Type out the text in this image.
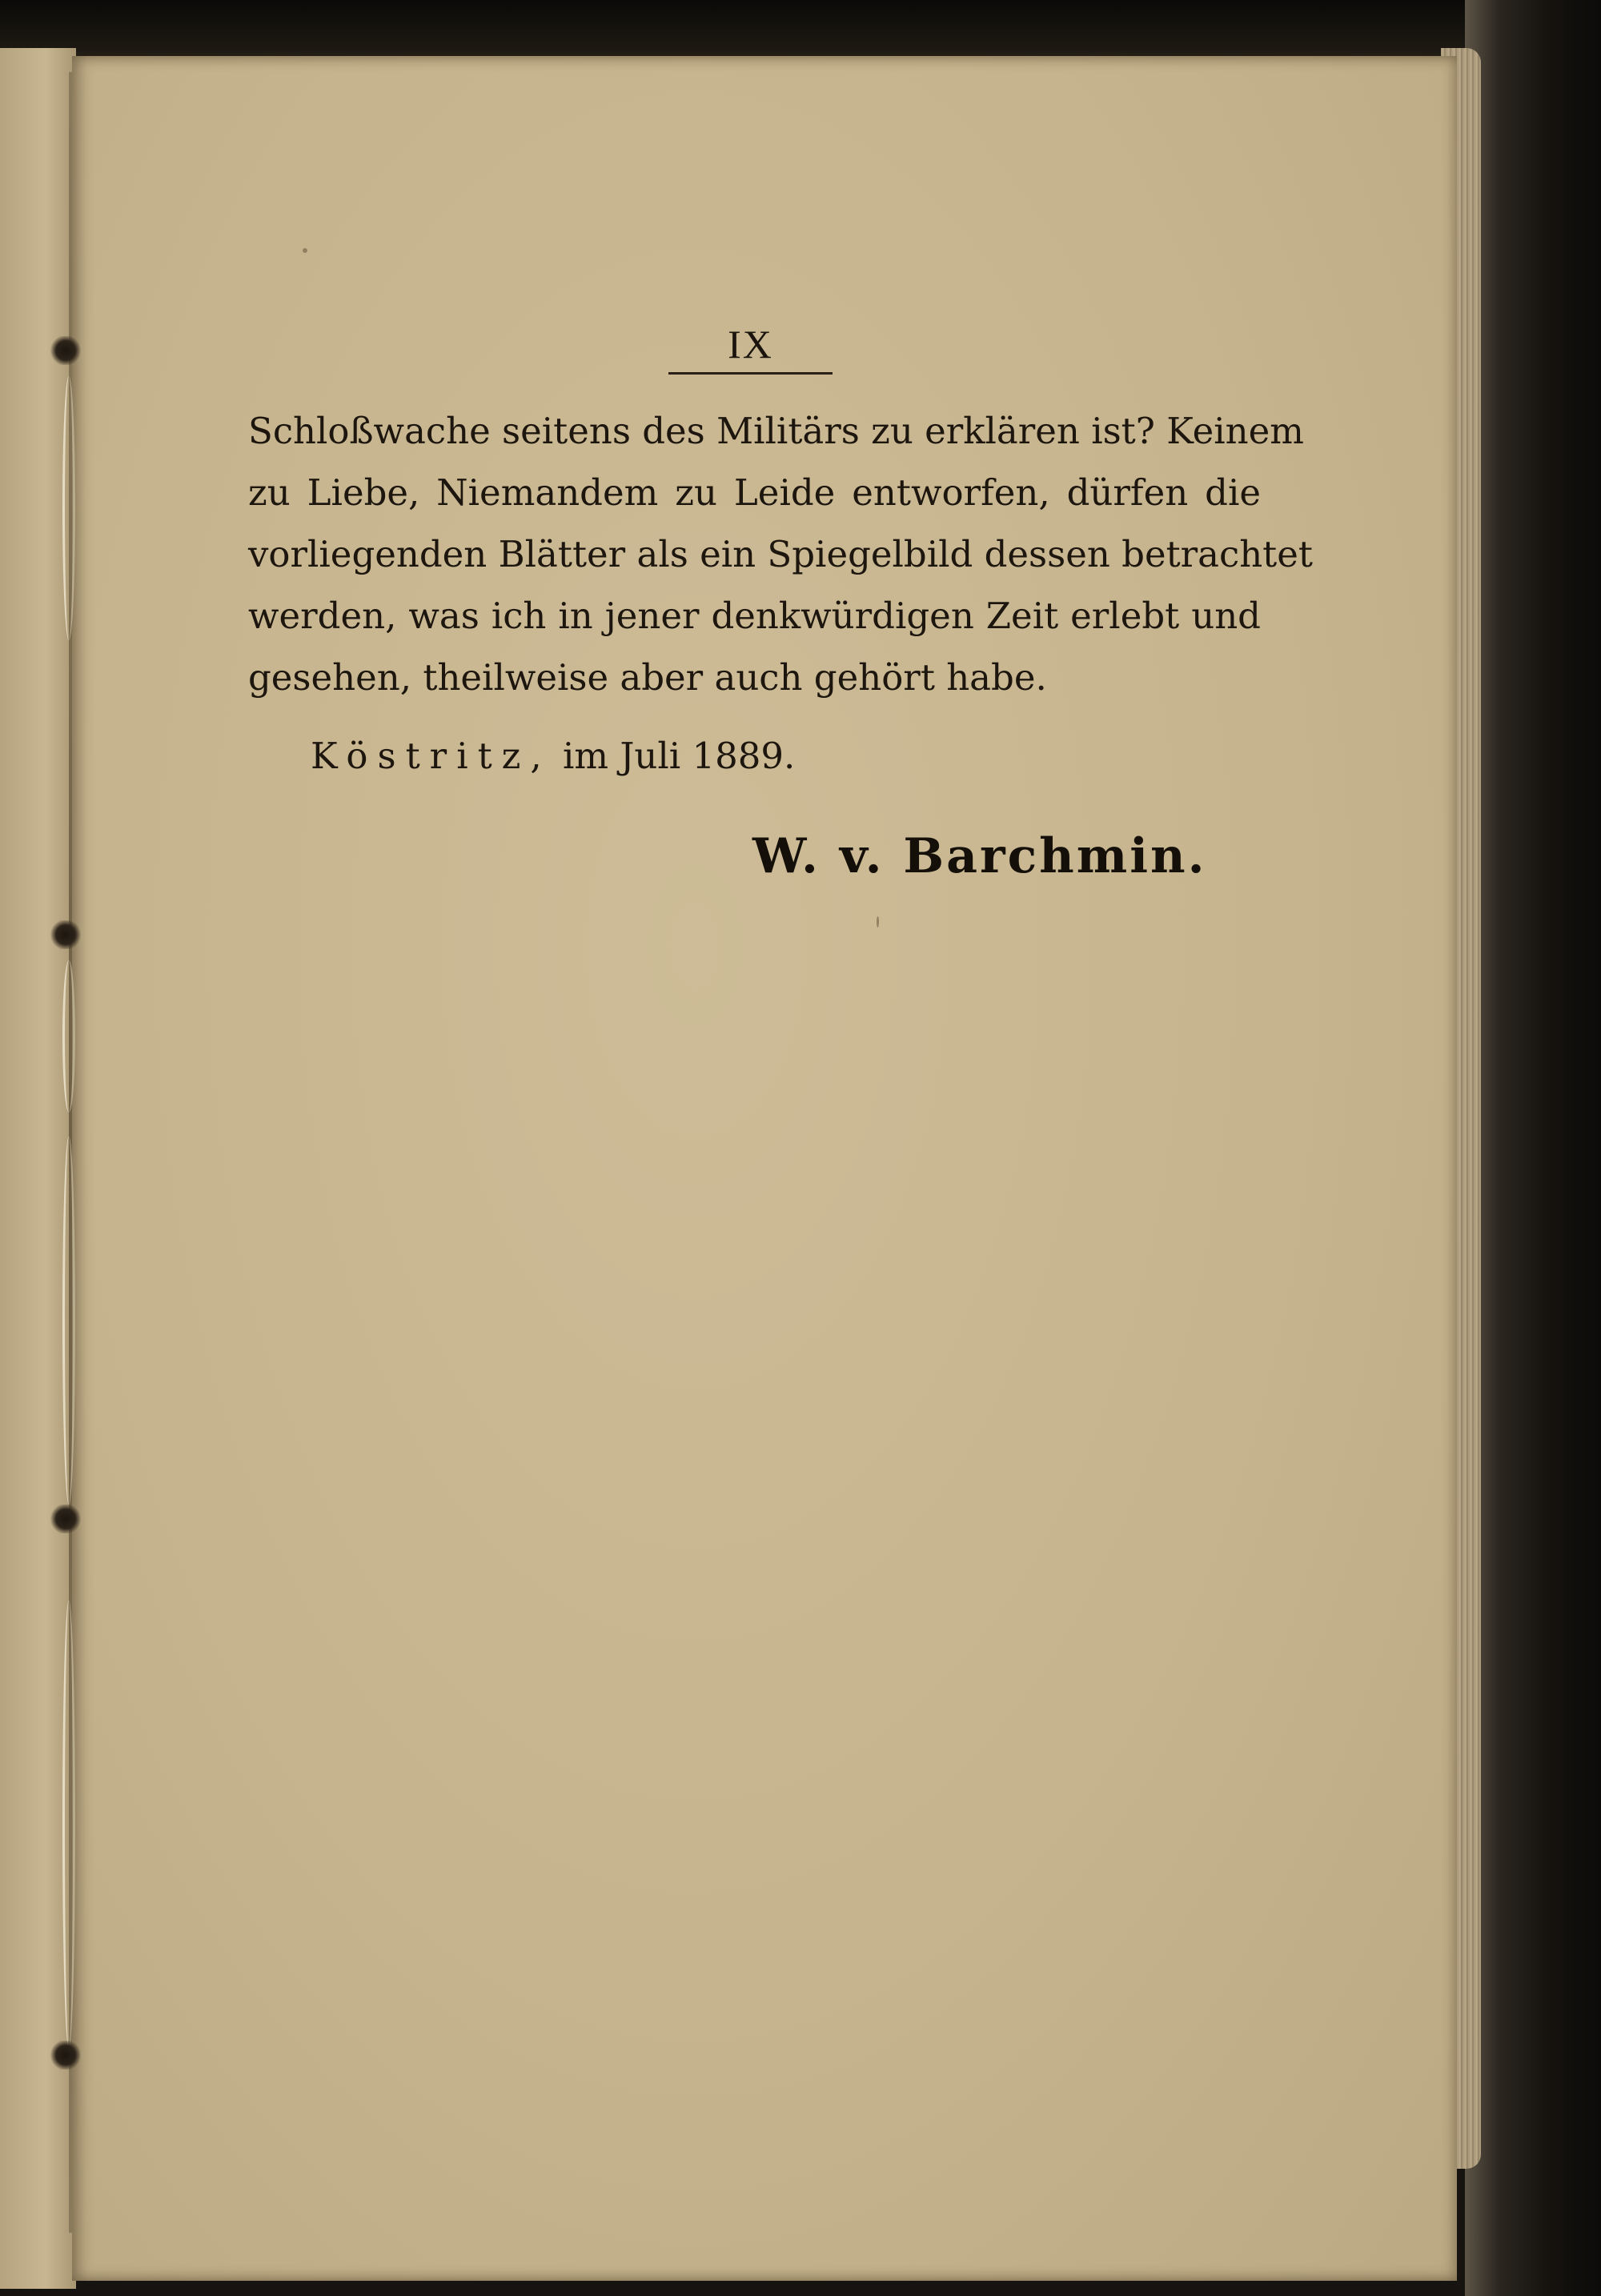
IX
Schloßwache seitens des Militärs zu erklären ist? Keinem
zu Liebe, Niemandem zu Leide entworfen, dürfen die
vorliegenden Blätter als ein Spiegelbild dessen betrachtet
werden, was ich in jener denkwürdigen Zeit erlebt und
gesehen, theilweise aber auch gehört habe.
Köstritz, im Juli 1889.
W. v. Barchmin.
